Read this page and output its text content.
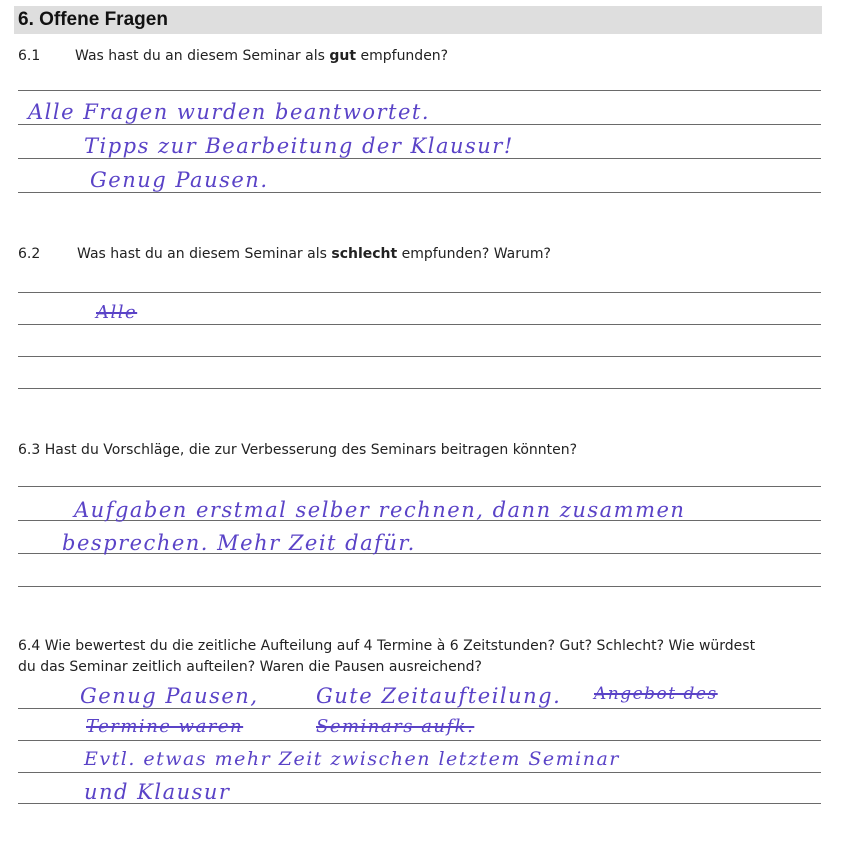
6. Offene Fragen
6.1 Was hast du an diesem Seminar als gut empfunden?
Alle Fragen wurden beantwortet.
Tipps zur Bearbeitung der Klausur!
Genug Pausen.
6.2	Was hast du an diesem Seminar als schlecht empfunden? Warum?
Alle
6.3 Hast du Vorschläge, die zur Verbesserung des Seminars beitragen könnten?
Aufgaben erstmal selber rechnen, dann zusammen
besprechen. Mehr Zeit dafür.
6.4 Wie bewertest du die zeitliche Aufteilung auf 4 Termine à 6 Zeitstunden? Gut? Schlecht? Wie würdest
du das Seminar zeitlich aufteilen? Waren die Pausen ausreichend?
Genug Pausen,	Gute Zeitaufteilung. Angebot des
Termine waren	Seminars aufk.
Evtl. etwas mehr Zeit zwischen letztem Seminar
und Klausur
